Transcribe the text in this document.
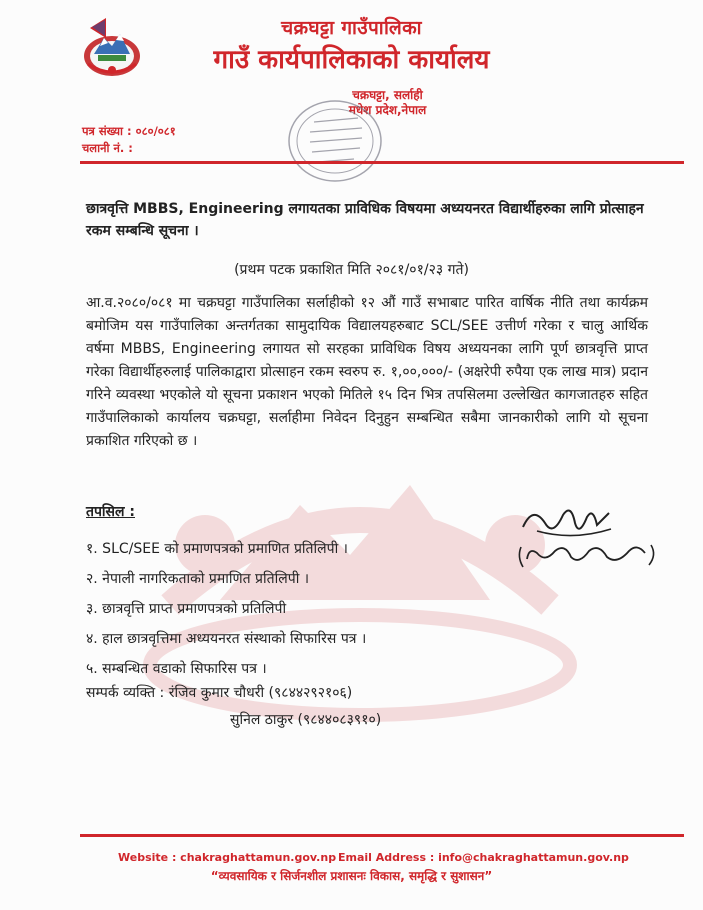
चक्रघट्टा गाउँपालिका
गाउँ कार्यपालिकाको कार्यालय
चक्रघट्टा, सर्लाही
मधेश प्रदेश,नेपाल
पत्र संख्या : ०८०/०८१
चलानी नं. :
छात्रवृत्ति MBBS, Engineering लगायतका प्राविधिक विषयमा अध्ययनरत विद्यार्थीहरुका लागि प्रोत्साहन रकम सम्बन्धि सूचना ।
(प्रथम पटक प्रकाशित मिति २०८१/०१/२३ गते)
आ.व.२०८०/०८१ मा चक्रघट्टा गाउँपालिका सर्लाहीको १२ औं गाउँ सभाबाट पारित वार्षिक नीति तथा कार्यक्रम बमोजिम यस गाउँपालिका अन्तर्गतका सामुदायिक विद्यालयहरुबाट SCL/SEE उत्तीर्ण गरेका र चालु आर्थिक वर्षमा MBBS, Engineering लगायत सो सरहका प्राविधिक विषय अध्ययनका लागि पूर्ण छात्रवृत्ति प्राप्त गरेका विद्यार्थीहरुलाई पालिकाद्वारा प्रोत्साहन रकम स्वरुप रु. १,००,०००/- (अक्षरेपी रुपैया एक लाख मात्र) प्रदान गरिने व्यवस्था भएकोले यो सूचना प्रकाशन भएको मितिले १५ दिन भित्र तपसिलमा उल्लेखित कागजातहरु सहित गाउँपालिकाको कार्यालय चक्रघट्टा, सर्लाहीमा निवेदन दिनुहुन सम्बन्धित सबैमा जानकारीको लागि यो सूचना प्रकाशित गरिएको छ ।
तपसिल :
१. SLC/SEE को प्रमाणपत्रको प्रमाणित प्रतिलिपी ।
२. नेपाली नागरिकताको प्रमाणित प्रतिलिपी ।
३. छात्रवृत्ति प्राप्त प्रमाणपत्रको प्रतिलिपी
४. हाल छात्रवृत्तिमा अध्ययनरत संस्थाको सिफारिस पत्र ।
५. सम्बन्धित वडाको सिफारिस पत्र ।
सम्पर्क व्यक्ति : रंजिव कुमार चौधरी (९८४४२९२१०६)
सुनिल ठाकुर (९८४४०८३९१०)
Website : chakraghattamun.gov.np Email Address : info@chakraghattamun.gov.np
“व्यवसायिक र सिर्जनशील प्रशासनः विकास, समृद्धि र सुशासन”
